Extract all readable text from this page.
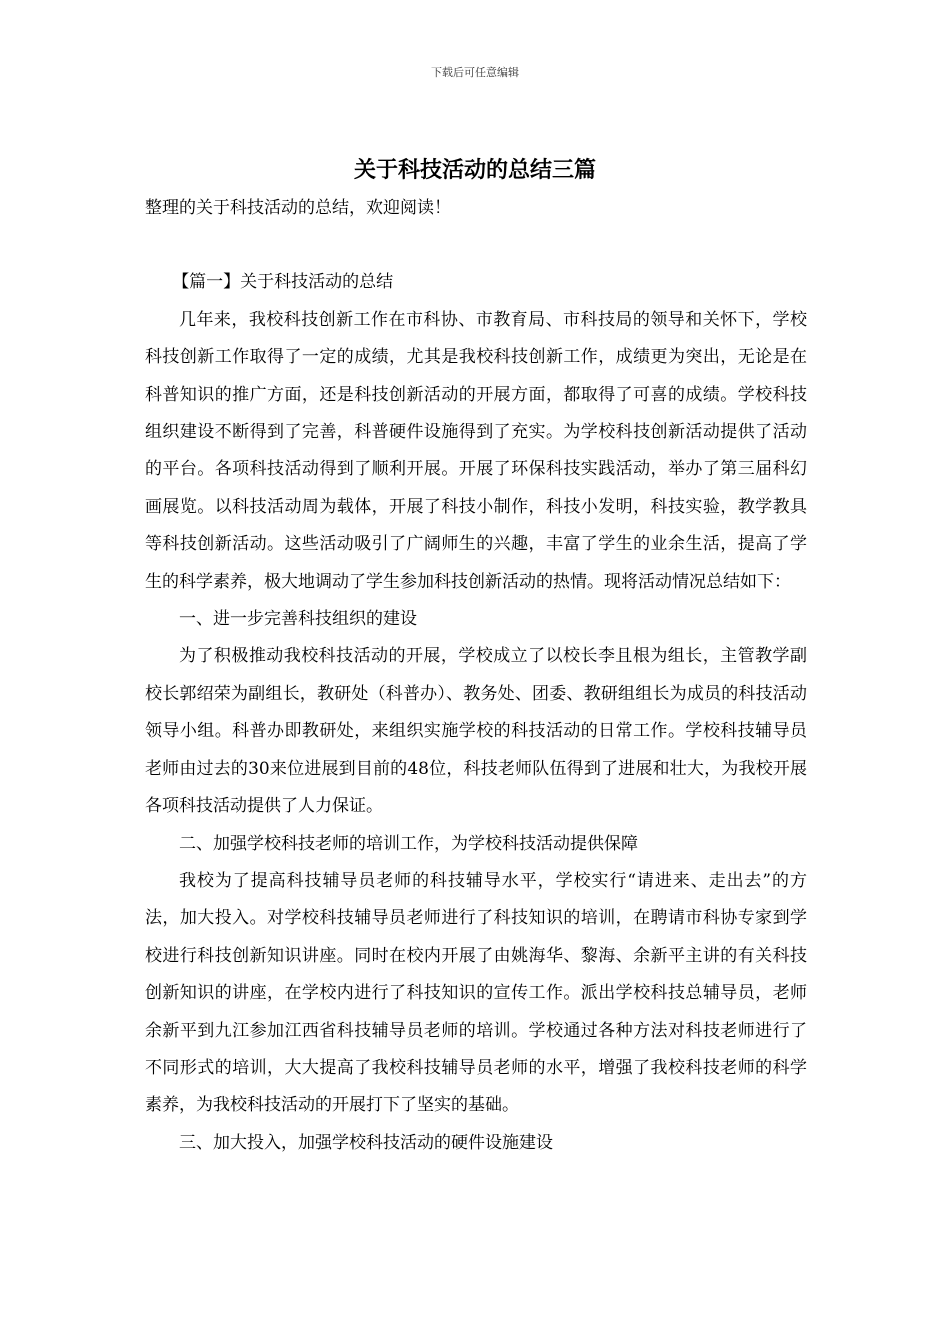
下载后可任意编辑
关于科技活动的总结三篇

整理的关于科技活动的总结，欢迎阅读！

【篇一】关于科技活动的总结

几年来，我校科技创新工作在市科协、市教育局、市科技局的领导和关怀下，学校科技创新工作取得了一定的成绩，尤其是我校科技创新工作，成绩更为突出，无论是在科普知识的推广方面，还是科技创新活动的开展方面，都取得了可喜的成绩。学校科技组织建设不断得到了完善，科普硬件设施得到了充实。为学校科技创新活动提供了活动的平台。各项科技活动得到了顺利开展。开展了环保科技实践活动，举办了第三届科幻画展览。以科技活动周为载体，开展了科技小制作，科技小发明，科技实验，教学教具等科技创新活动。这些活动吸引了广阔师生的兴趣，丰富了学生的业余生活，提高了学生的科学素养，极大地调动了学生参加科技创新活动的热情。现将活动情况总结如下：

一、进一步完善科技组织的建设

为了积极推动我校科技活动的开展，学校成立了以校长李且根为组长，主管教学副校长郭绍荣为副组长，教研处（科普办）、教务处、团委、教研组组长为成员的科技活动领导小组。科普办即教研处，来组织实施学校的科技活动的日常工作。学校科技辅导员老师由过去的30来位进展到目前的48位，科技老师队伍得到了进展和壮大，为我校开展各项科技活动提供了人力保证。

二、加强学校科技老师的培训工作，为学校科技活动提供保障

我校为了提高科技辅导员老师的科技辅导水平，学校实行“请进来、走出去”的方法，加大投入。对学校科技辅导员老师进行了科技知识的培训，在聘请市科协专家到学校进行科技创新知识讲座。同时在校内开展了由姚海华、黎海、余新平主讲的有关科技创新知识的讲座，在学校内进行了科技知识的宣传工作。派出学校科技总辅导员，老师余新平到九江参加江西省科技辅导员老师的培训。学校通过各种方法对科技老师进行了不同形式的培训，大大提高了我校科技辅导员老师的水平，增强了我校科技老师的科学素养，为我校科技活动的开展打下了坚实的基础。

三、加大投入，加强学校科技活动的硬件设施建设
